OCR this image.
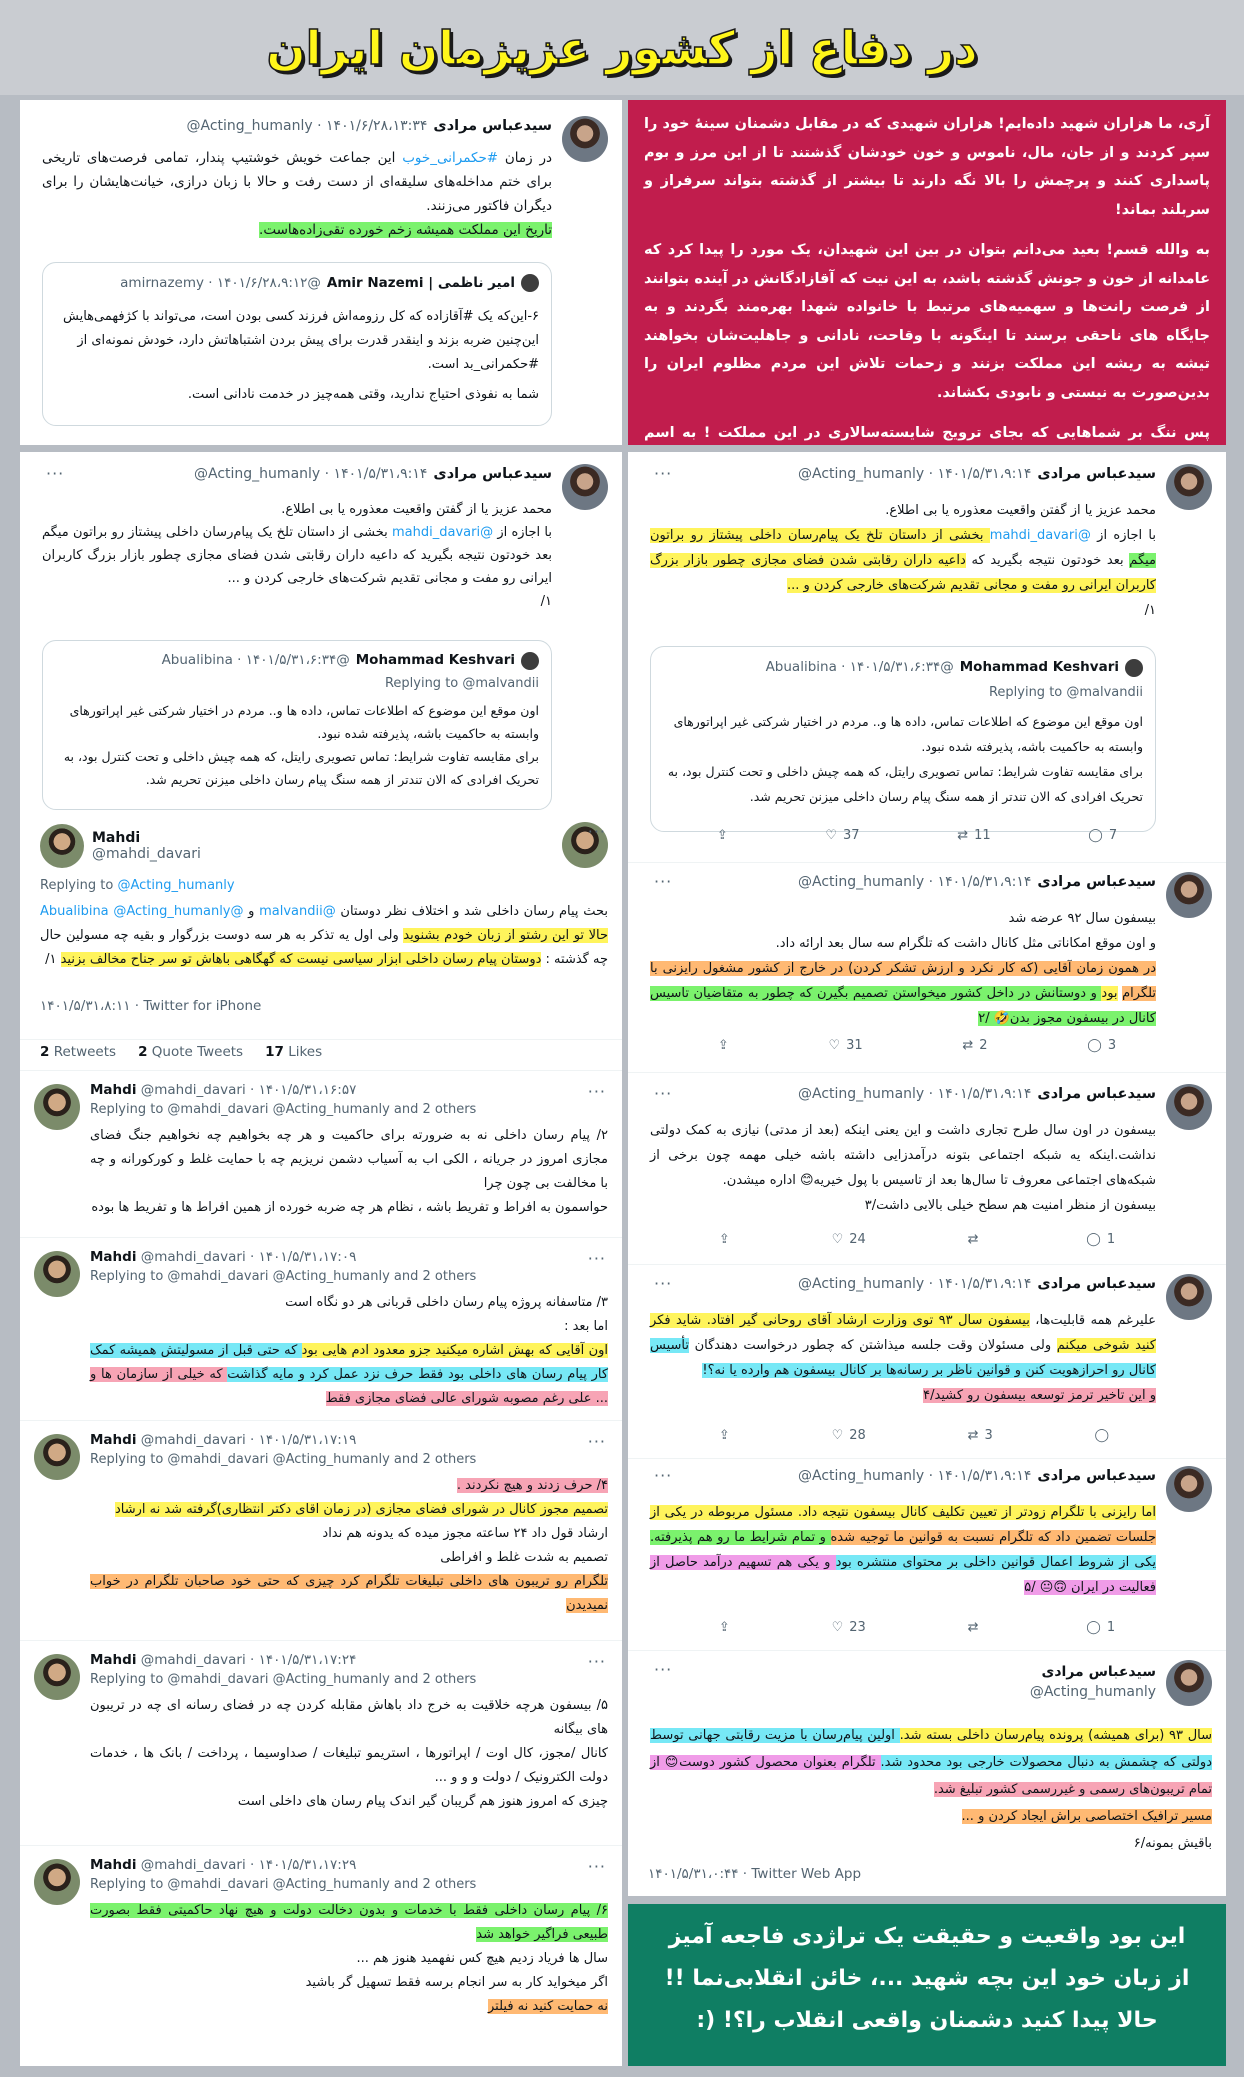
در دفاع از کشور عزیزمان ایران
سیدعباس مرادی
@Acting_humanly · ۱۴۰۱/۶/۲۸،۱۳:۳۴

در زمان #حکمرانی_خوب این جماعت خویش خوشتیپ پندار، تمامی فرصت‌های تاریخی برای ختم مداخله‌های سلیقه‌ای از دست رفت و حالا با زبان درازی، خیانت‌هایشان را برای دیگران فاکتور می‌زنند.

تاریخ این مملکت همیشه زخم خورده تقی‌زاده‌هاست.

امیر ناظمی | Amir Nazemi
@amirnazemy · ۱۴۰۱/۶/۲۸،۹:۱۲

۶-این‌که یک #آقازاده که کل رزومه‌اش فرزند کسی بودن است، می‌تواند با کژفهمی‌هایش این‌چنین ضربه بزند و اینقدر قدرت برای پیش بردن اشتباهاتش دارد، خودش نمونه‌ای از #حکمرانی_بد است.

شما به نفوذی احتیاج ندارید، وقتی همه‌چیز در خدمت نادانی است.

آری، ما هزاران شهید داده‌ایم! هزاران شهیدی که در مقابل دشمنان سینهٔ خود را سپر کردند و از جان، مال، ناموس و خون خودشان گذشتند تا از این مرز و بوم پاسداری کنند و پرچمش را بالا نگه دارند تا بیشتر از گذشته بتواند سرفراز و سربلند بماند!

به والله قسم! بعید می‌دانم بتوان در بین این شهیدان، یک مورد را پیدا کرد که عامدانه از خون و جونش گذشته باشد، به این نیت که آقازادگانش در آینده بتوانند از فرصت رانت‌ها و سهمیه‌های مرتبط با خانواده شهدا بهره‌مند بگردند و به جایگاه های ناحقی برسند تا اینگونه با وقاحت، نادانی و جاهلیت‌شان بخواهند تیشه به ریشه این مملکت بزنند و زحمات تلاش این مردم مظلوم ایران را بدین‌صورت به نیستی و نابودی بکشاند.

پس ننگ بر شماهایی که بجای ترویج شایسته‌سالاری در این مملکت ! به اسم

سیدعباس مرادی
@Acting_humanly · ۱۴۰۱/۵/۳۱،۹:۱۴
···

محمد عزیز یا از گفتن واقعیت معذوره یا بی اطلاع.

با اجازه از @mahdi_davari بخشی از داستان تلخ یک پیام‌رسان داخلی پیشتاز رو براتون میگم بعد خودتون نتیجه بگیرید که داعیه داران رقابتی شدن فضای مجازی چطور بازار بزرگ کاربران ایرانی رو مفت و مجانی تقدیم شرکت‌های خارجی کردن و ...

۱/

Mohammad Keshvari
@Abualibina · ۱۴۰۱/۵/۳۱،۶:۳۴
Replying to @malvandii

اون موقع این موضوع که اطلاعات تماس، داده ها و.. مردم در اختیار شرکتی غیر اپراتورهای وابسته به حاکمیت باشه، پذیرفته شده نبود.

برای مقایسه تفاوت شرایط: تماس تصویری رایتل، که همه چیش داخلی و تحت کنترل بود، به تحریک افرادی که الان تندتر از همه سنگ پیام رسان داخلی میزنن تحریم شد.

Mahdi
@mahdi_davari
···
Replying to @Acting_humanly

بحث پیام رسان داخلی شد و اختلاف نظر دوستان @malvandii و @Abualibina @Acting_humanly حالا تو این رشتو از زبان خودم بشنوید ولی اول یه تذکر به هر سه دوست بزرگوار و بقیه چه مسولین حال چه گذشته : دوستان پیام رسان داخلی ابزار سیاسی نیست که گهگاهی باهاش تو سر جناح مخالف بزنید ۱/

۱۴۰۱/۵/۳۱،۸:۱۱ · Twitter for iPhone
2 Retweets 2 Quote Tweets 17 Likes
Mahdi @mahdi_davari · ۱۴۰۱/۵/۳۱،۱۶:۵۷
Replying to @mahdi_davari @Acting_humanly and 2 others
···

۲/ پیام رسان داخلی نه به ضرورته برای حاکمیت و هر چه بخواهیم چه نخواهیم جنگ فضای مجازی امروز در جریانه ، الکی اب به آسیاب دشمن نریزیم چه با حمایت غلط و کورکورانه و چه با مخالفت بی چون چرا

حواسمون به افراط و تفریط باشه ، نظام هر چه ضربه خورده از همین افراط ها و تفریط ها بوده

Mahdi @mahdi_davari · ۱۴۰۱/۵/۳۱،۱۷:۰۹
Replying to @mahdi_davari @Acting_humanly and 2 others
···

۳/ متاسفانه پروژه پیام رسان داخلی قربانی هر دو نگاه است

اما بعد :

اون آقایی که بهش اشاره میکنید جزو معدود ادم هایی بود که حتی قبل از مسولیتش همیشه کمک کار پیام رسان های داخلی بود فقط حرف نزد عمل کرد و مایه گذاشت که خیلی از سازمان ها و ... علی رغم مصوبه شورای عالی فضای مجازی فقط

Mahdi @mahdi_davari · ۱۴۰۱/۵/۳۱،۱۷:۱۹
Replying to @mahdi_davari @Acting_humanly and 2 others
···

۴/ حرف زدند و هیچ نکردند .

تصمیم مجوز کانال در شورای فضای مجازی (در زمان اقای دکتر انتظاری)گرفته شد نه ارشاد

ارشاد قول داد ۲۴ ساعته مجوز میده که یدونه هم نداد

تصمیم به شدت غلط و افراطی

تلگرام رو تریبون های داخلی تبلیغات تلگرام کرد چیزی که حتی خود صاحبان تلگرام در خواب نمیدیدن

Mahdi @mahdi_davari · ۱۴۰۱/۵/۳۱،۱۷:۲۴
Replying to @mahdi_davari @Acting_humanly and 2 others
···

۵/ بیسفون هرچه خلاقیت به خرج داد باهاش مقابله کردن چه در فضای رسانه ای چه در تریبون های بیگانه

کانال /مجوز، کال اوت / اپراتورها ، استریمو تبلیغات / صداوسیما ، پرداخت / بانک ها ، خدمات دولت الکترونیک / دولت و و و ...

چیزی که امروز هنوز هم گریبان گیر اندک پیام رسان های داخلی است

Mahdi @mahdi_davari · ۱۴۰۱/۵/۳۱،۱۷:۲۹
Replying to @mahdi_davari @Acting_humanly and 2 others
···

۶/ پیام رسان داخلی فقط با خدمات و بدون دخالت دولت و هیچ نهاد حاکمیتی فقط بصورت طبیعی فراگیر خواهد شد

سال ها فریاد زدیم هیچ کس نفهمید هنوز هم ...

اگر میخواید کار به سر انجام برسه فقط تسهیل گر باشید

نه حمایت کنید نه فیلتر

سیدعباس مرادی
@Acting_humanly · ۱۴۰۱/۵/۳۱،۹:۱۴
···

محمد عزیز یا از گفتن واقعیت معذوره یا بی اطلاع.

با اجازه از @mahdi_davari بخشی از داستان تلخ یک پیام‌رسان داخلی پیشتاز رو براتون میگم بعد خودتون نتیجه بگیرید که داعیه داران رقابتی شدن فضای مجازی چطور بازار بزرگ کاربران ایرانی رو مفت و مجانی تقدیم شرکت‌های خارجی کردن و ...

۱/

Mohammad Keshvari
@Abualibina · ۱۴۰۱/۵/۳۱،۶:۳۴
Replying to @malvandii

اون موقع این موضوع که اطلاعات تماس، داده ها و.. مردم در اختیار شرکتی غیر اپراتورهای وابسته به حاکمیت باشه، پذیرفته شده نبود.

برای مقایسه تفاوت شرایط: تماس تصویری رایتل، که همه چیش داخلی و تحت کنترل بود، به تحریک افرادی که الان تندتر از همه سنگ پیام رسان داخلی میزنن تحریم شد.

⇪	♡ 37	⇄ 11	◯ 7
سیدعباس مرادی
@Acting_humanly · ۱۴۰۱/۵/۳۱،۹:۱۴
···

بیسفون سال ۹۲ عرضه شد

و اون موقع امکاناتی مثل کانال داشت که تلگرام سه سال بعد ارائه داد.

در همون زمان آقایی (که کار نکرد و ارزش تشکر کردن) در خارج از کشور مشغول رایزنی با تلگرام بود و دوستانش در داخل کشور میخواستن تصمیم بگیرن که چطور به متقاضیان تاسیس کانال در بیسفون مجوز بدن🤣 /۲

⇪	♡ 31	⇄ 2	◯ 3
سیدعباس مرادی
@Acting_humanly · ۱۴۰۱/۵/۳۱،۹:۱۴
···

بیسفون در اون سال طرح تجاری داشت و این یعنی اینکه (بعد از مدتی) نیازی به کمک دولتی نداشت.اینکه یه شبکه اجتماعی بتونه درآمدزایی داشته باشه خیلی مهمه چون برخی از شبکه‌های اجتماعی معروف تا سال‌ها بعد از تاسیس با پول خیریه😊 اداره میشدن.

بیسفون از منظر امنیت هم سطح خیلی بالایی داشت/۳

⇪	♡ 24	⇄	◯ 1
سیدعباس مرادی
@Acting_humanly · ۱۴۰۱/۵/۳۱،۹:۱۴
···

علیرغم همه قابلیت‌ها، بیسفون سال ۹۳ توی وزارت ارشاد آقای روحانی گیر افتاد. شاید فکر کنید شوخی میکنم ولی مسئولان وقت جلسه میذاشتن که چطور درخواست دهندگان تأسیس کانال رو احرازهویت کنن و قوانین ناظر بر رسانه‌ها بر کانال بیسفون هم وارده یا نه؟!

و این تاخیر ترمز توسعه بیسفون رو کشید/۴

⇪	♡ 28	⇄ 3	◯
سیدعباس مرادی
@Acting_humanly · ۱۴۰۱/۵/۳۱،۹:۱۴
···

اما رایزنی با تلگرام زودتر از تعیین تکلیف کانال بیسفون نتیجه داد. مسئول مربوطه در یکی از جلسات تضمین داد که تلگرام نسبت به قوانین ما توجیه شده و تمام شرایط ما رو هم پذیرفته. یکی از شروط اعمال قوانین داخلی بر محتوای منتشره بود و یکی هم تسهیم درآمد حاصل از فعالیت در ایران 🙃😐 /۵

⇪	♡ 23	⇄	◯ 1
سیدعباس مرادی
@Acting_humanly
···

سال ۹۳ (برای همیشه) پرونده پیام‌رسان داخلی بسته شد. اولین پیام‌رسان با مزیت رقابتی جهانی توسط دولتی که چشمش به دنبال محصولات خارجی بود محدود شد. تلگرام بعنوان محصول کشور دوست😊 از تمام تریبون‌های رسمی و غیررسمی کشور تبلیغ شد.

مسیر ترافیک اختصاصی براش ایجاد کردن و ...

باقیش بمونه/۶

۱۴۰۱/۵/۳۱،۰:۴۴ · Twitter Web App
این بود واقعیت و حقیقت یک تراژدی فاجعه آمیز
از زبان خود این بچه شهید ...، خائن انقلابی‌نما !!
حالا پیدا کنید دشمنان واقعی انقلاب را؟! (:
